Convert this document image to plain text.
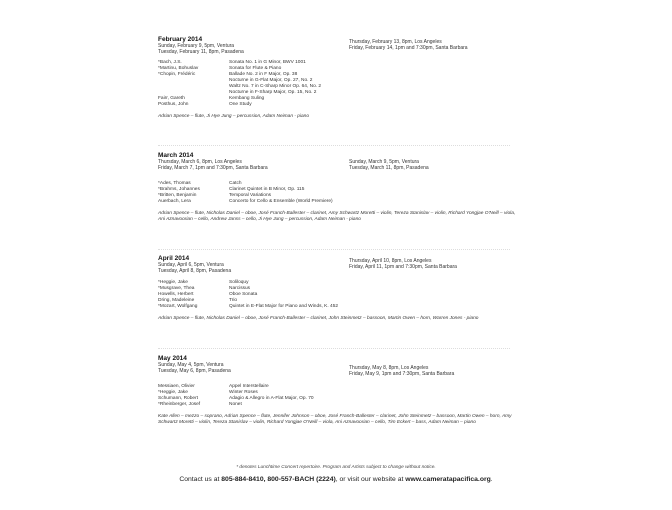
February 2014
Sunday, February 9, 5pm, Ventura
Tuesday, February 11, 8pm, Pasadena
Thursday, February 13, 8pm, Los Angeles
Friday, February 14, 1pm and 7:30pm, Santa Barbara
*Bach, J.S.	Sonata No. 1 in G Minor, BWV 1001
*Martinu, Bohuslav	Sonata for Flute & Piano
*Chopin, Frédéric	Ballade No. 2 in F Major, Op. 38
Nocturne in G-Flat Major, Op. 27, No. 2
Waltz No. 7 in C-Sharp Minor Op. 64, No. 2
Nocturne in F-Sharp Major, Op. 15, No. 2
Fairr, Gareth	Kembang Suling
Posthus, John	One Study
Adrian Spence – flute, Ji Hye Jung – percussion, Adam Neiman - piano
March 2014
Thursday, March 6, 8pm, Los Angeles
Friday, March 7, 1pm and 7:30pm, Santa Barbara
Sunday, March 9, 5pm, Ventura
Tuesday, March 11, 8pm, Pasadena
*Ades, Thomas	Catch
*Brahms, Johannes	Clarinet Quintet in B Minor, Op. 115
*Britten, Benjamin	Temporal Variations
Auerbach, Lera	Concerto for Cello & Ensemble (World Premiere)
Adrian Spence – flute, Nicholas Daniel – oboe, José Franch-Ballester – clarinet, Amy Schwartz Moretti – violin, Tereza Stanislav – violin, Richard Yongjae O'Neill – viola, Ani Aznavoorian – cello, Andrew Janss – cello, Ji Hye Jung – percussion, Adam Neiman - piano
April 2014
Sunday, April 6, 5pm, Ventura
Tuesday, April 8, 8pm, Pasadena
Thursday, April 10, 8pm, Los Angeles
Friday, April 11, 1pm and 7:30pm, Santa Barbara
*Heggie, Jake	Soliloquy
*Musgrave, Thea	Narcissus
Howells, Herbert	Oboe Sonata
Dring, Madeleine	Trio
*Mozart, Wolfgang	Quintet in E-Flat Major for Piano and Winds, K. 452
Adrian Spence – flute, Nicholas Daniel – oboe, José Franch-Ballester – clarinet, John Steinmetz – bassoon, Martin Owen – horn, Warren Jones - piano
May 2014
Sunday, May 4, 5pm, Ventura
Tuesday, May 6, 8pm, Pasadena
Thursday, May 8, 8pm, Los Angeles
Friday, May 9, 1pm and 7:30pm, Santa Barbara
Messiaen, Olivier	Appel Interstellaire
*Heggie, Jake	Winter Roses
Schumann, Robert	Adagio & Allegro in A-Flat Major, Op. 70
*Rheinberger, Josef	Nonet
Kate Allen – mezzo – soprano, Adrian Spence – flute, Jennifer Johnson – oboe, José Franch-Ballester – clarinet, John Steinmetz – bassoon, Martin Owen – horn, Amy Schwartz Moretti – violin, Tereza Stanislav – violin, Richard Yongjae O'Neill – viola, Ani Aznavoorian – cello, Tim Eckert – bass, Adam Neiman – piano
* denotes Lunchtime Concert repertoire. Program and Artists subject to change without notice.
Contact us at 805-884-8410, 800-557-BACH (2224), or visit our website at www.cameratapacifica.org.
